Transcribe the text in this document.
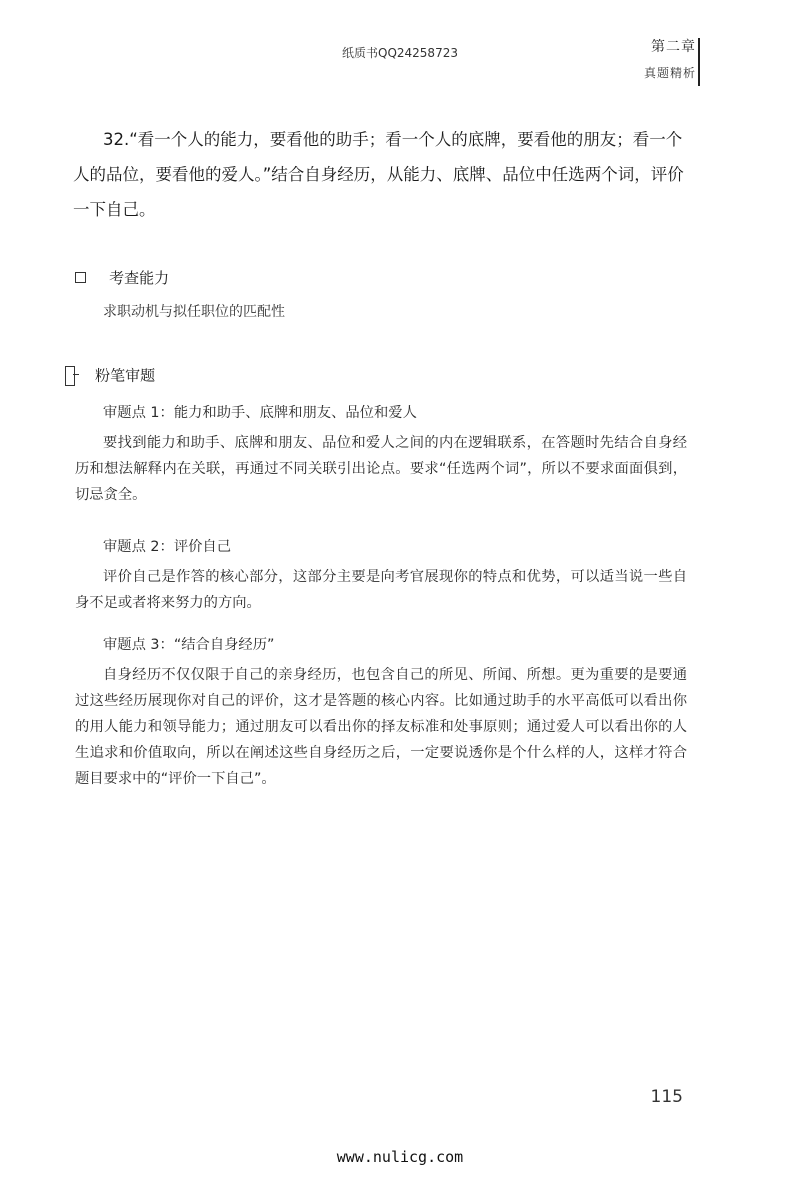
纸质书QQ24258723	第二章
真题精析
32.“看一个人的能力，要看他的助手；看一个人的底牌，要看他的朋友；看一个人的品位，要看他的爱人。”结合自身经历，从能力、底牌、品位中任选两个词，评价一下自己。
考查能力
求职动机与拟任职位的匹配性
粉笔审题
审题点 1：能力和助手、底牌和朋友、品位和爱人
要找到能力和助手、底牌和朋友、品位和爱人之间的内在逻辑联系，在答题时先结合自身经历和想法解释内在关联，再通过不同关联引出论点。要求“任选两个词”，所以不要求面面俱到，切忌贪全。
审题点 2：评价自己
评价自己是作答的核心部分，这部分主要是向考官展现你的特点和优势，可以适当说一些自身不足或者将来努力的方向。
审题点 3：“结合自身经历”
自身经历不仅仅限于自己的亲身经历，也包含自己的所见、所闻、所想。更为重要的是要通过这些经历展现你对自己的评价，这才是答题的核心内容。比如通过助手的水平高低可以看出你的用人能力和领导能力；通过朋友可以看出你的择友标准和处事原则；通过爱人可以看出你的人生追求和价值取向，所以在阐述这些自身经历之后，一定要说透你是个什么样的人，这样才符合题目要求中的“评价一下自己”。
115
www.nulicg.com
